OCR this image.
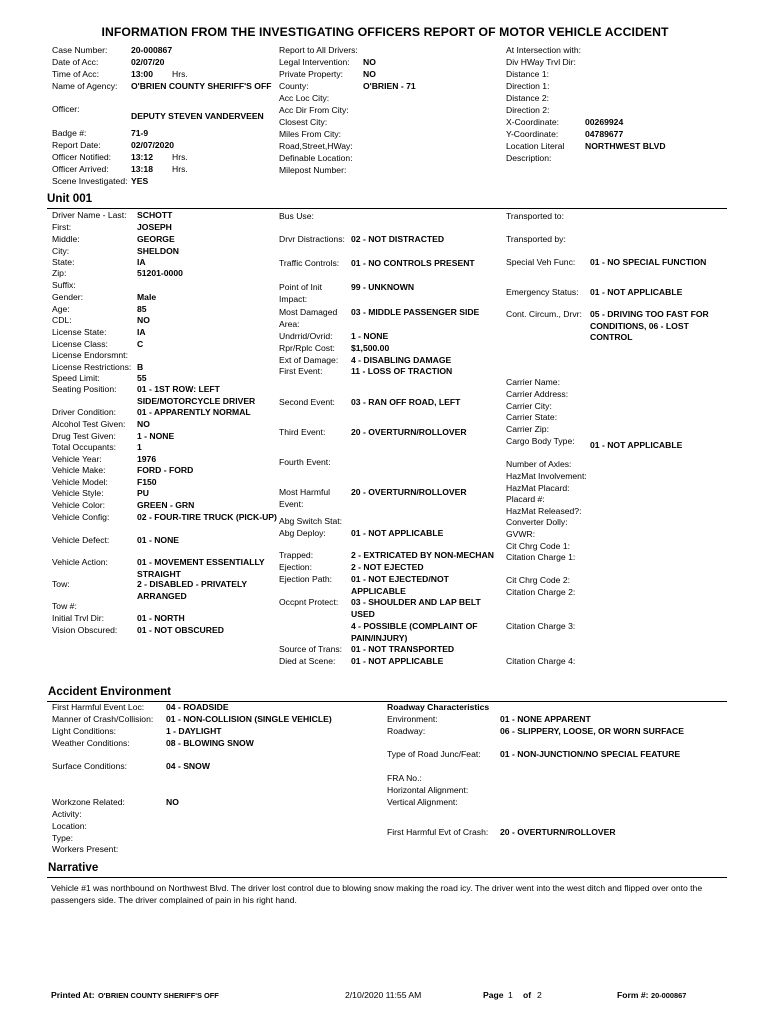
INFORMATION FROM THE INVESTIGATING OFFICERS REPORT OF MOTOR VEHICLE ACCIDENT
Case Number:	20-000867
Date of Acc:	02/07/20
Time of Acc:	13:00	Hrs.
Name of Agency: O'BRIEN COUNTY SHERIFF'S OFF
Officer:
DEPUTY STEVEN VANDERVEEN
Badge #:	71-9
Report Date:	02/07/2020
Officer Notified: 13:12	Hrs.
Officer Arrived:	13:18	Hrs.
Scene Investigated: YES
Report to All Drivers:
Legal Intervention: NO
Private Property: NO
County:	O'BRIEN - 71
Acc Loc City:
Acc Dir From City:
Closest City:
Miles From City:
Road,Street,HWay:
Definable Location:
Milepost Number:
At Intersection with:
Div HWay Trvl Dir:
Distance 1:
Direction 1:
Distance 2:
Direction 2:
X-Coordinate:	00269924
Y-Coordinate:	04789677
Location Literal NORTHWEST BLVD
Description:
Unit 001
Driver Name - Last: SCHOTT
First:	JOSEPH
Middle:	GEORGE
City:	SHELDON
State:	IA
Zip:	51201-0000
Suffix:
Gender:	Male
Age:	85
CDL:	NO
License State:	IA
License Class:	C
License Endorsmnt:
License Restrictions: B
Speed Limit:	55
Seating Position: 01 - 1ST ROW: LEFT SIDE/MOTORCYCLE DRIVER
Driver Condition: 01 - APPARENTLY NORMAL
Alcohol Test Given: NO
Drug Test Given: 1 - NONE
Total Occupants: 1
Vehicle Year:	1976
Vehicle Make:	FORD - FORD
Vehicle Model:	F150
Vehicle Style:	PU
Vehicle Color:	GREEN - GRN
Vehicle Config:	02 - FOUR-TIRE TRUCK (PICK-UP)
Vehicle Defect:	01 - NONE
Vehicle Action:	01 - MOVEMENT ESSENTIALLY STRAIGHT
Tow:	2 - DISABLED - PRIVATELY ARRANGED
Tow #:
Initial Trvl Dir:	01 - NORTH
Vision Obscured: 01 - NOT OBSCURED
Bus Use:
Drvr Distractions: 02 - NOT DISTRACTED
Traffic Controls: 01 - NO CONTROLS PRESENT
Point of Init Impact:
99 - UNKNOWN
Most Damaged Area:
03 - MIDDLE PASSENGER SIDE
Undrrid/Ovrid: 1 - NONE
Rpr/Rplc Cost: $1,500.00
Ext of Damage: 4 - DISABLING DAMAGE
First Event:	11 - LOSS OF TRACTION
Second Event: 03 - RAN OFF ROAD, LEFT
Third Event:	20 - OVERTURN/ROLLOVER
Fourth Event:
Most Harmful Event:
20 - OVERTURN/ROLLOVER
Abg Switch Stat:
Abg Deploy:	01 - NOT APPLICABLE
Trapped:	2 - EXTRICATED BY NON-MECHAN
Ejection:	2 - NOT EJECTED
Ejection Path: 01 - NOT EJECTED/NOT APPLICABLE
Occpnt Protect: 03 - SHOULDER AND LAP BELT USED
4 - POSSIBLE (COMPLAINT OF PAIN/INJURY)
Source of Trans: 01 - NOT TRANSPORTED
Died at Scene: 01 - NOT APPLICABLE
Transported to:
Transported by:
Special Veh Func: 01 - NO SPECIAL FUNCTION
Emergency Status: 01 - NOT APPLICABLE
Cont. Circum., Drvr: 05 - DRIVING TOO FAST FOR CONDITIONS, 06 - LOST CONTROL
Carrier Name:
Carrier Address:
Carrier City:
Carrier State:
Carrier Zip:
Cargo Body Type: 01 - NOT APPLICABLE
Number of Axles:
HazMat Involvement:
HazMat Placard:
Placard #:
HazMat Released?:
Converter Dolly:
GVWR:
Cit Chrg Code 1:
Citation Charge 1:
Cit Chrg Code 2:
Citation Charge 2:
Citation Charge 3:
Citation Charge 4:
Accident Environment
Roadway Characteristics
First Harmful Event Loc:	04 - ROADSIDE
Manner of Crash/Collision: 01 - NON-COLLISION (SINGLE VEHICLE)
Light Conditions:	1 - DAYLIGHT
Weather Conditions:	08 - BLOWING SNOW
Surface Conditions:	04 - SNOW
Workzone Related:	NO
Activity:
Location:
Type:
Workers Present:
Environment:	01 - NONE APPARENT
Roadway:	06 - SLIPPERY, LOOSE, OR WORN SURFACE
Type of Road Junc/Feat: 01 - NON-JUNCTION/NO SPECIAL FEATURE
FRA No.:
Horizontal Alignment:
Vertical Alignment:
First Harmful Evt of Crash: 20 - OVERTURN/ROLLOVER
Narrative
Vehicle #1 was northbound on Northwest Blvd. The driver lost control due to blowing snow making the road icy. The driver went into the west ditch and flipped over onto the passengers side. The driver complained of pain in his right hand.
Printed At: O'BRIEN COUNTY SHERIFF'S OFF	2/10/2020 11:55 AM	Page 1 of 2	Form #: 20-000867
